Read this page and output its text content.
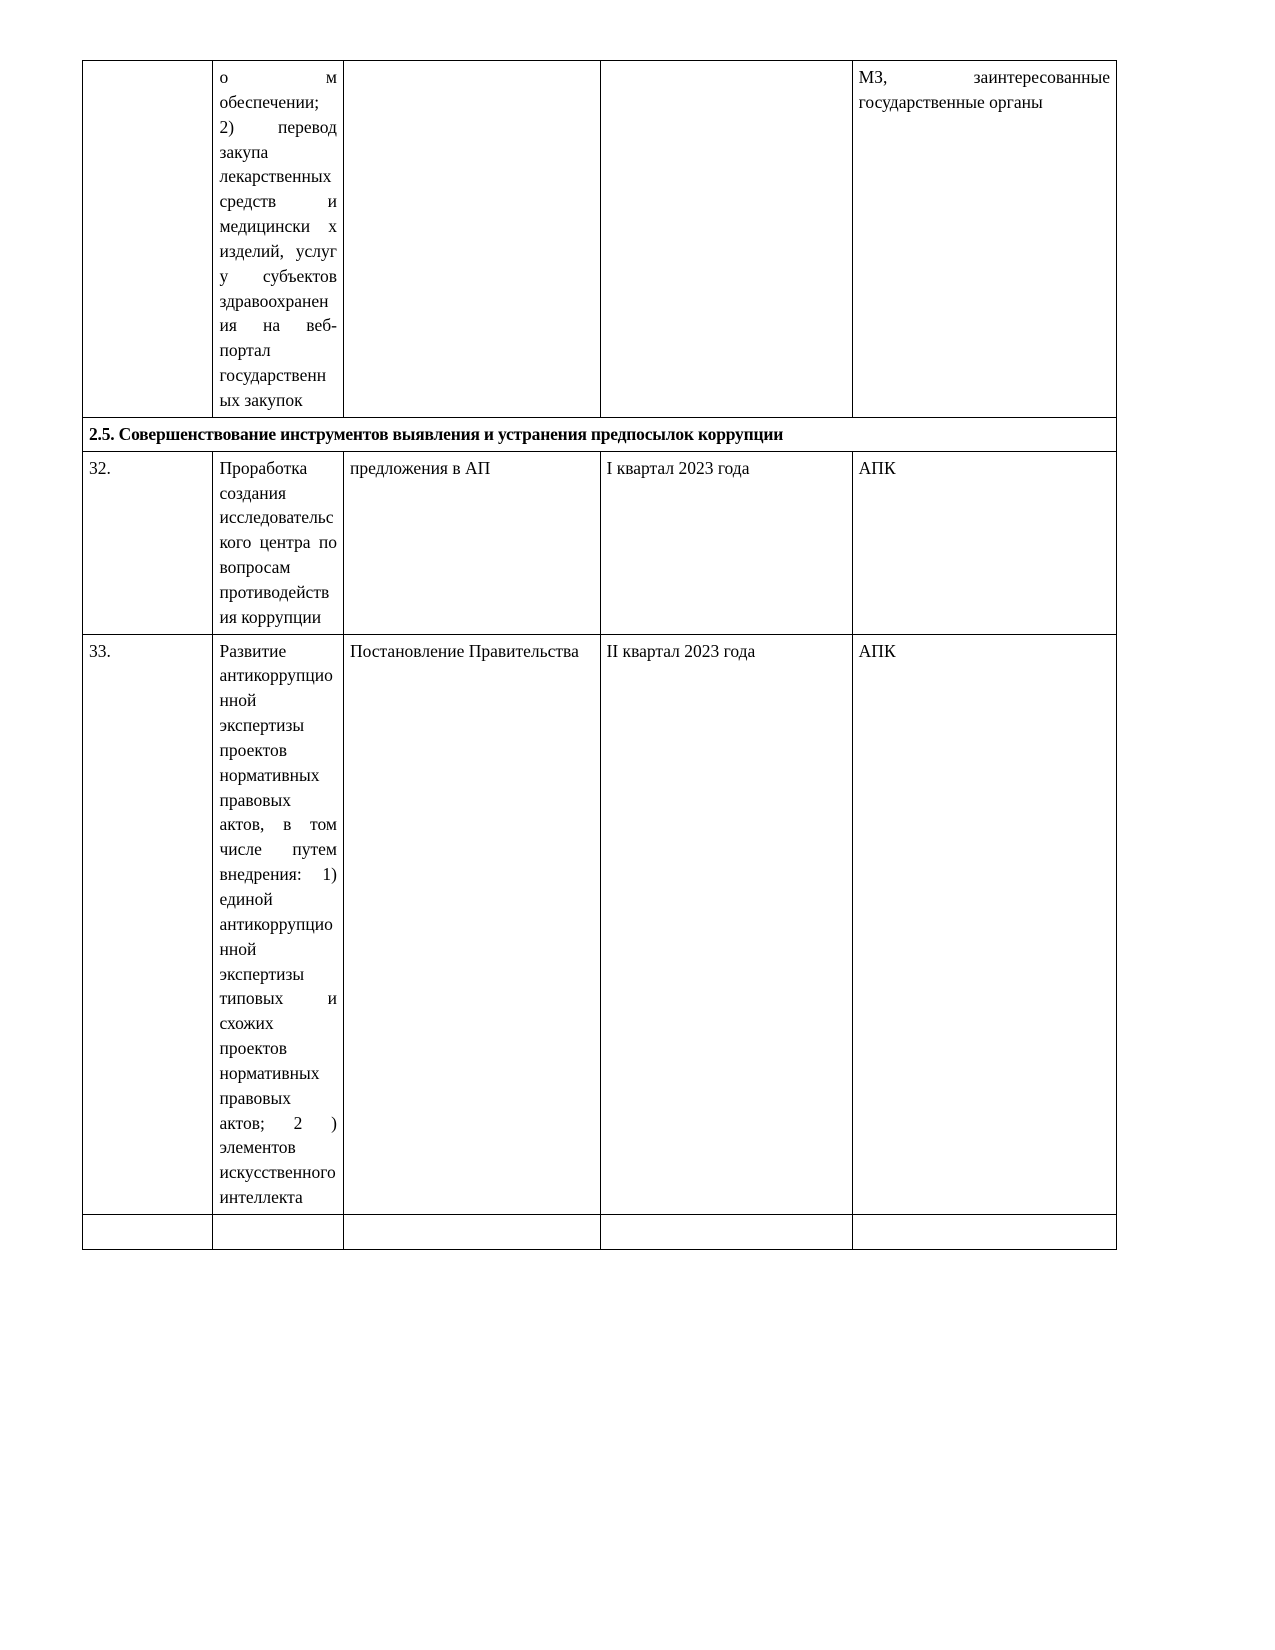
	о м обеспечении; 2) перевод закупа лекарственных средств и медицински х изделий, услуг у субъектов здравоохранения на веб-портал государственных закупок			МЗ, заинтересованные государственные органы
2.5. Совершенствование инструментов выявления и устранения предпосылок коррупции				
32.	Проработка создания исследовательского центра по вопросам противодействия коррупции	предложения в АП	I квартал 2023 года	АПК
33.	Развитие антикоррупционной экспертизы проектов нормативных правовых актов, в том числе путем внедрения: 1) единой антикоррупционной экспертизы типовых и схожих проектов нормативных правовых актов; 2 ) элементов искусственного интеллекта	Постановление Правительства	II квартал 2023 года	АПК
